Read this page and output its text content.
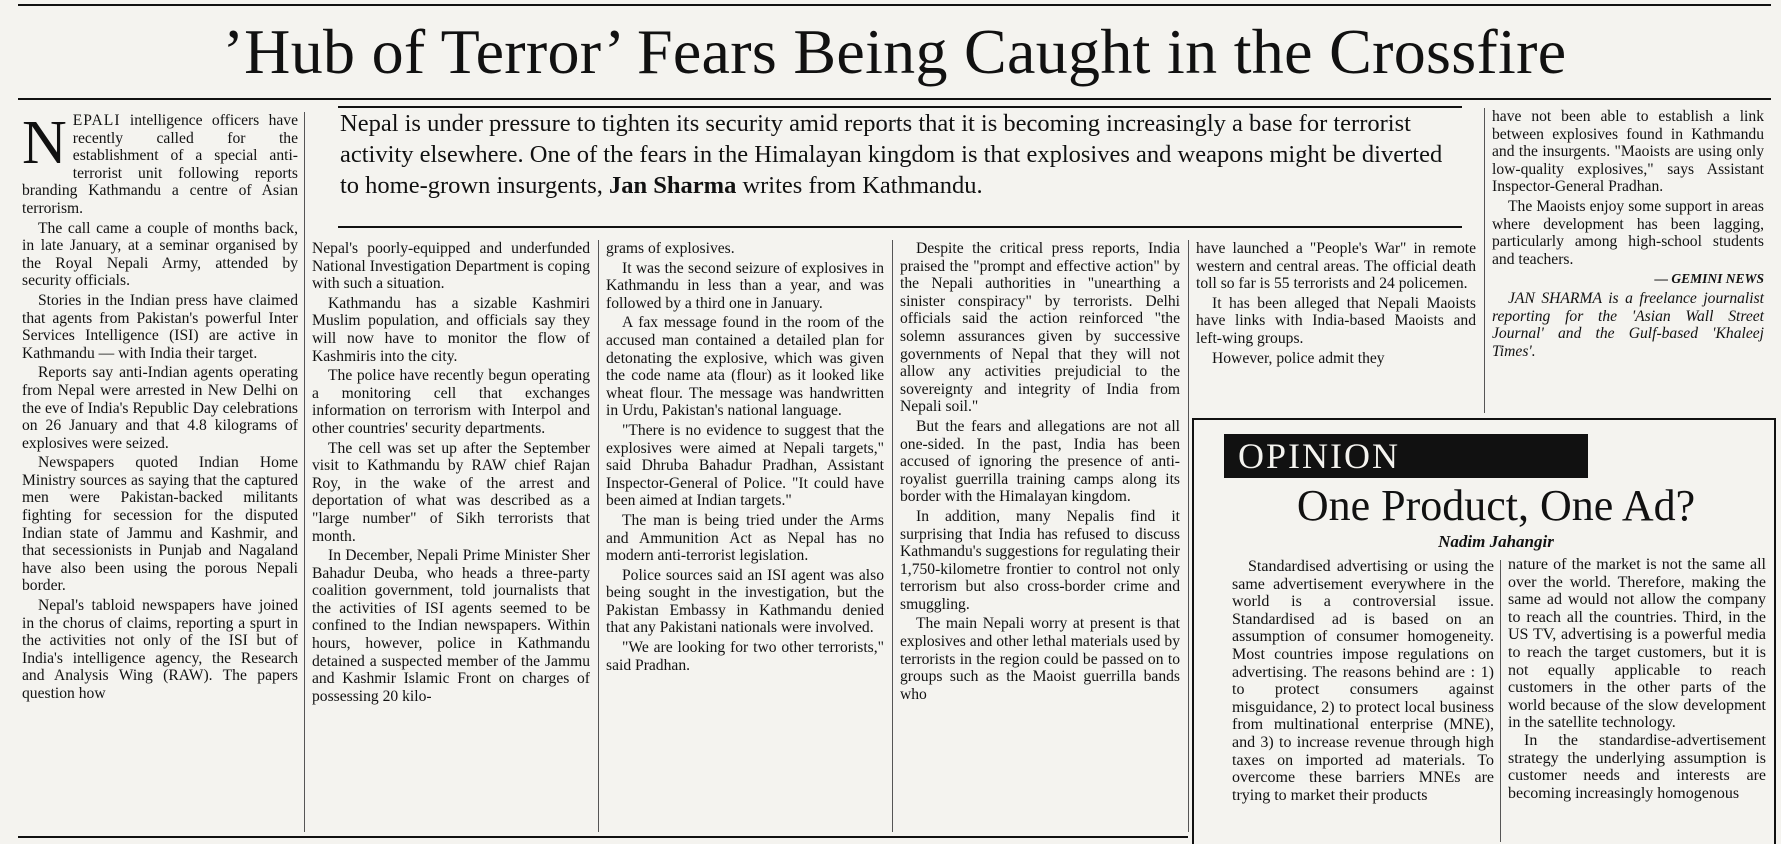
’Hub of Terror’ Fears Being Caught in the Crossfire

NEPALI intelligence officers have recently called for the establishment of a special anti-terrorist unit following reports branding Kathmandu a centre of Asian terrorism.

The call came a couple of months back, in late January, at a seminar organised by the Royal Nepali Army, attended by security officials.

Stories in the Indian press have claimed that agents from Pakistan's powerful Inter Services Intelligence (ISI) are active in Kathmandu — with India their target.

Reports say anti-Indian agents operating from Nepal were arrested in New Delhi on the eve of India's Republic Day celebrations on 26 January and that 4.8 kilograms of explosives were seized.

Newspapers quoted Indian Home Ministry sources as saying that the captured men were Pakistan-backed militants fighting for secession for the disputed Indian state of Jammu and Kashmir, and that secessionists in Punjab and Nagaland have also been using the porous Nepali border.

Nepal's tabloid newspapers have joined in the chorus of claims, reporting a spurt in the activities not only of the ISI but of India's intelligence agency, the Research and Analysis Wing (RAW). The papers question how

Nepal is under pressure to tighten its security amid reports that it is becoming increasingly a base for terrorist activity elsewhere. One of the fears in the Himalayan kingdom is that explosives and weapons might be diverted to home-grown insurgents, Jan Sharma writes from Kathmandu.

Nepal's poorly-equipped and underfunded National Investigation Department is coping with such a situation.

Kathmandu has a sizable Kashmiri Muslim population, and officials say they will now have to monitor the flow of Kashmiris into the city.

The police have recently begun operating a monitoring cell that exchanges information on terrorism with Interpol and other countries' security departments.

The cell was set up after the September visit to Kathmandu by RAW chief Rajan Roy, in the wake of the arrest and deportation of what was described as a "large number" of Sikh terrorists that month.

In December, Nepali Prime Minister Sher Bahadur Deuba, who heads a three-party coalition government, told journalists that the activities of ISI agents seemed to be confined to the Indian newspapers. Within hours, however, police in Kathmandu detained a suspected member of the Jammu and Kashmir Islamic Front on charges of possessing 20 kilo-

grams of explosives.

It was the second seizure of explosives in Kathmandu in less than a year, and was followed by a third one in January.

A fax message found in the room of the accused man contained a detailed plan for detonating the explosive, which was given the code name ata (flour) as it looked like wheat flour. The message was handwritten in Urdu, Pakistan's national language.

"There is no evidence to suggest that the explosives were aimed at Nepali targets," said Dhruba Bahadur Pradhan, Assistant Inspector-General of Police. "It could have been aimed at Indian targets."

The man is being tried under the Arms and Ammunition Act as Nepal has no modern anti-terrorist legislation.

Police sources said an ISI agent was also being sought in the investigation, but the Pakistan Embassy in Kathmandu denied that any Pakistani nationals were involved.

"We are looking for two other terrorists," said Pradhan.

Despite the critical press reports, India praised the "prompt and effective action" by the Nepali authorities in "unearthing a sinister conspiracy" by terrorists. Delhi officials said the action reinforced "the solemn assurances given by successive governments of Nepal that they will not allow any activities prejudicial to the sovereignty and integrity of India from Nepali soil."

But the fears and allegations are not all one-sided. In the past, India has been accused of ignoring the presence of anti-royalist guerrilla training camps along its border with the Himalayan kingdom.

In addition, many Nepalis find it surprising that India has refused to discuss Kathmandu's suggestions for regulating their 1,750-kilometre frontier to control not only terrorism but also cross-border crime and smuggling.

The main Nepali worry at present is that explosives and other lethal materials used by terrorists in the region could be passed on to groups such as the Maoist guerrilla bands who

have launched a "People's War" in remote western and central areas. The official death toll so far is 55 terrorists and 24 policemen.

It has been alleged that Nepali Maoists have links with India-based Maoists and left-wing groups.

However, police admit they

have not been able to establish a link between explosives found in Kathmandu and the insurgents. "Maoists are using only low-quality explosives," says Assistant Inspector-General Pradhan.

The Maoists enjoy some support in areas where development has been lagging, particularly among high-school students and teachers.

— GEMINI NEWS

JAN SHARMA is a freelance journalist reporting for the 'Asian Wall Street Journal' and the Gulf-based 'Khaleej Times'.

OPINION
One Product, One Ad?
Nadim Jahangir

Standardised advertising or using the same advertisement everywhere in the world is a controversial issue. Standardised ad is based on an assumption of consumer homogeneity. Most countries impose regulations on advertising. The reasons behind are : 1) to protect consumers against misguidance, 2) to protect local business from multinational enterprise (MNE), and 3) to increase revenue through high taxes on imported ad materials. To overcome these barriers MNEs are trying to market their products

nature of the market is not the same all over the world. Therefore, making the same ad would not allow the company to reach all the countries. Third, in the US TV, advertising is a powerful media to reach the target customers, but it is not equally applicable to reach customers in the other parts of the world because of the slow development in the satellite technology.

In the standardise-advertisement strategy the underlying assumption is customer needs and interests are becoming increasingly homogenous
